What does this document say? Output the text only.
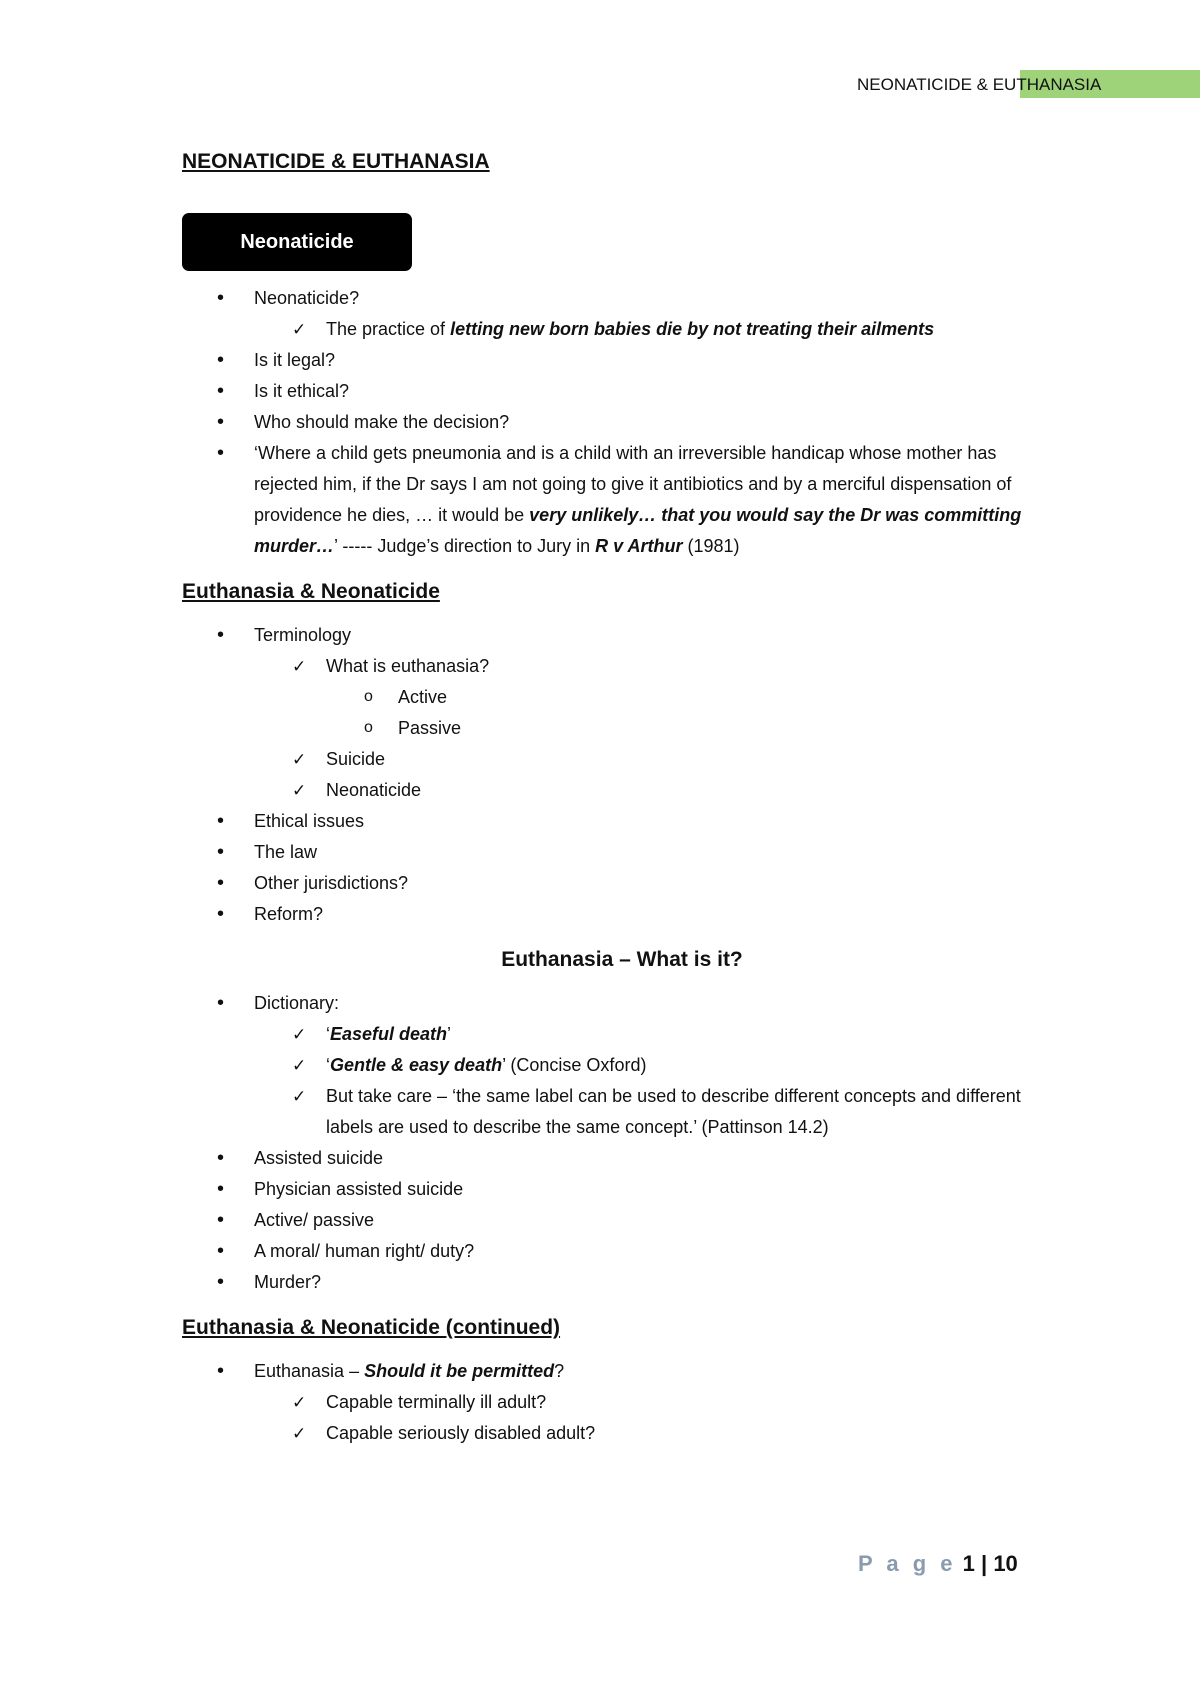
NEONATICIDE & EUTHANASIA
NEONATICIDE & EUTHANASIA
Neonaticide
• Neonaticide?
✓ The practice of letting new born babies die by not treating their ailments
• Is it legal?
• Is it ethical?
• Who should make the decision?
• ‘Where a child gets pneumonia and is a child with an irreversible handicap whose mother has rejected him, if the Dr says I am not going to give it antibiotics and by a merciful dispensation of providence he dies, … it would be very unlikely… that you would say the Dr was committing murder…’ ----- Judge’s direction to Jury in R v Arthur (1981)
Euthanasia & Neonaticide
• Terminology
✓ What is euthanasia?
o Active
o Passive
✓ Suicide
✓ Neonaticide
• Ethical issues
• The law
• Other jurisdictions?
• Reform?
Euthanasia – What is it?
• Dictionary:
✓ ‘Easeful death’
✓ ‘Gentle & easy death’ (Concise Oxford)
✓ But take care – ‘the same label can be used to describe different concepts and different labels are used to describe the same concept.’ (Pattinson 14.2)
• Assisted suicide
• Physician assisted suicide
• Active/ passive
• A moral/ human right/ duty?
• Murder?
Euthanasia & Neonaticide (continued)
• Euthanasia – Should it be permitted?
✓ Capable terminally ill adult?
✓ Capable seriously disabled adult?
P a g e 1 | 10
